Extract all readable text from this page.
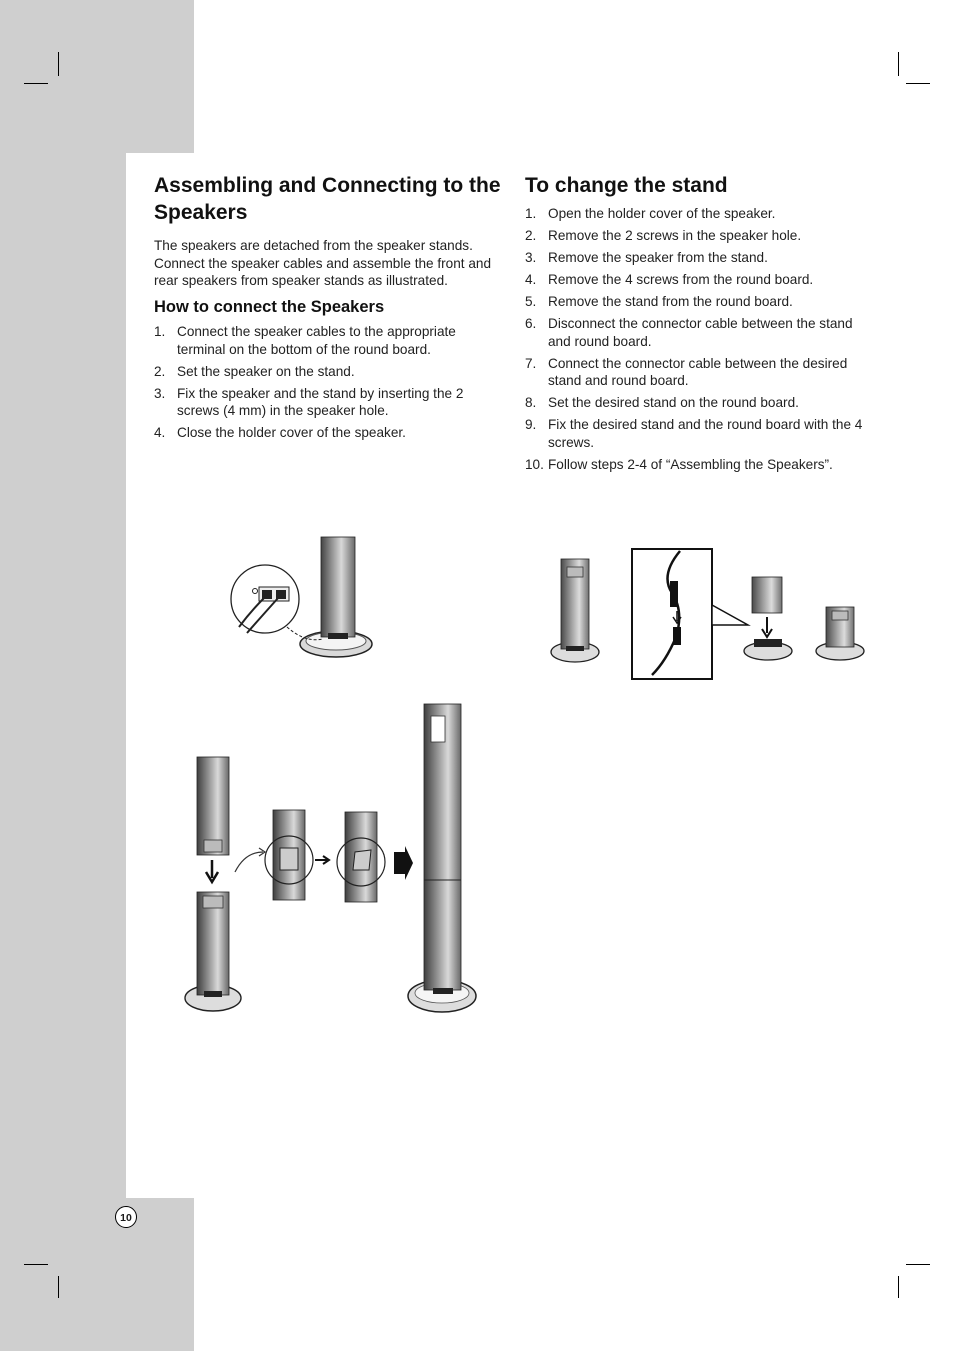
Assembling and Connecting to the Speakers

The speakers are detached from the speaker stands. Connect the speaker cables and assemble the front and rear speakers from speaker stands as illustrated.

How to connect the Speakers
1. Connect the speaker cables to the appropriate terminal on the bottom of the round board.
2. Set the speaker on the stand.
3. Fix the speaker and the stand by inserting the 2 screws (4 mm) in the speaker hole.
4. Close the holder cover of the speaker.
To change the stand
1. Open the holder cover of the speaker.
2. Remove the 2 screws in the speaker hole.
3. Remove the speaker from the stand.
4. Remove the 4 screws from the round board.
5. Remove the stand from the round board.
6. Disconnect the connector cable between the stand and round board.
7. Connect the connector cable between the desired stand and round board.
8. Set the desired stand on the round board.
9. Fix the desired stand and the round board with the 4 screws.
10. Follow steps 2-4 of “Assembling the Speakers”.
10
